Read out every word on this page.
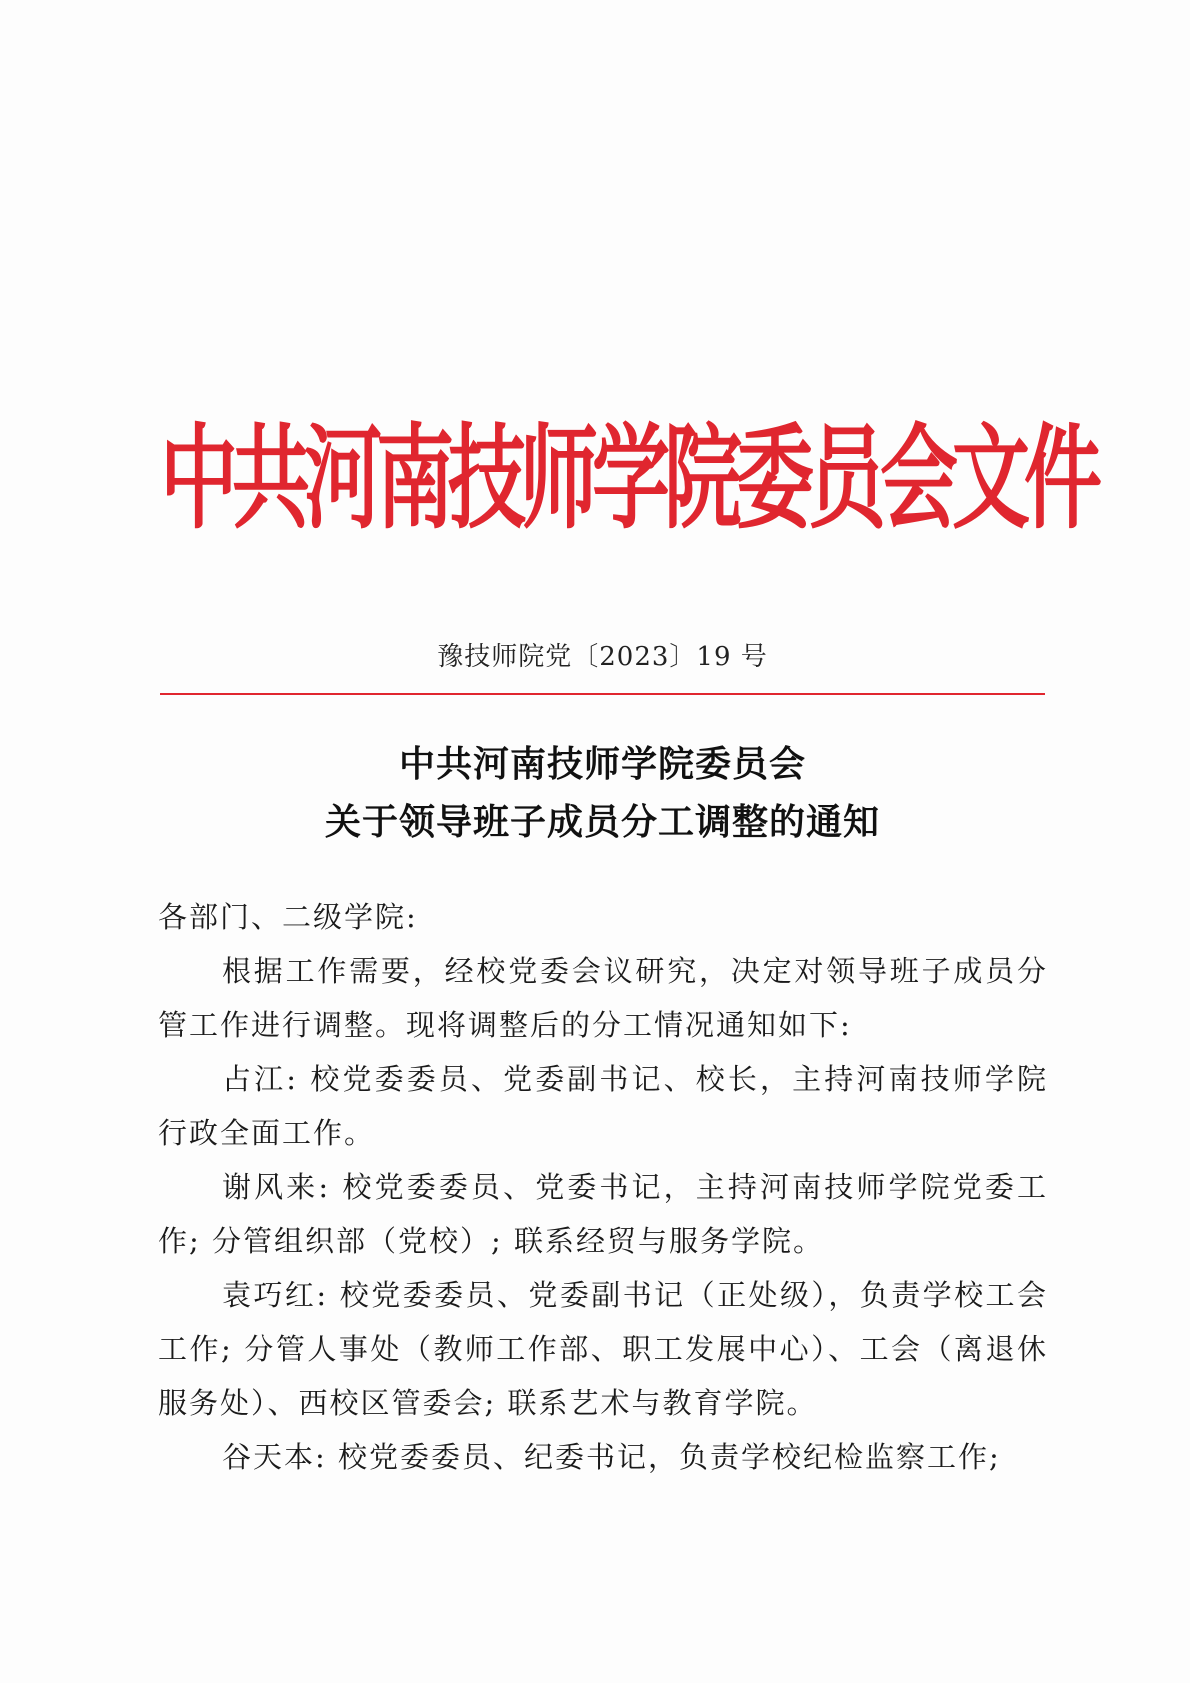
中共河南技师学院委员会文件
豫技师院党〔2023〕19 号
中共河南技师学院委员会
关于领导班子成员分工调整的通知

各部门、二级学院:

根据工作需要，经校党委会议研究，决定对领导班子成员分管工作进行调整。现将调整后的分工情况通知如下:

占江: 校党委委员、党委副书记、校长，主持河南技师学院行政全面工作。

谢风来: 校党委委员、党委书记，主持河南技师学院党委工作; 分管组织部（党校）; 联系经贸与服务学院。

袁巧红: 校党委委员、党委副书记（正处级），负责学校工会工作; 分管人事处（教师工作部、职工发展中心）、工会（离退休服务处）、西校区管委会; 联系艺术与教育学院。

谷天本: 校党委委员、纪委书记，负责学校纪检监察工作;
